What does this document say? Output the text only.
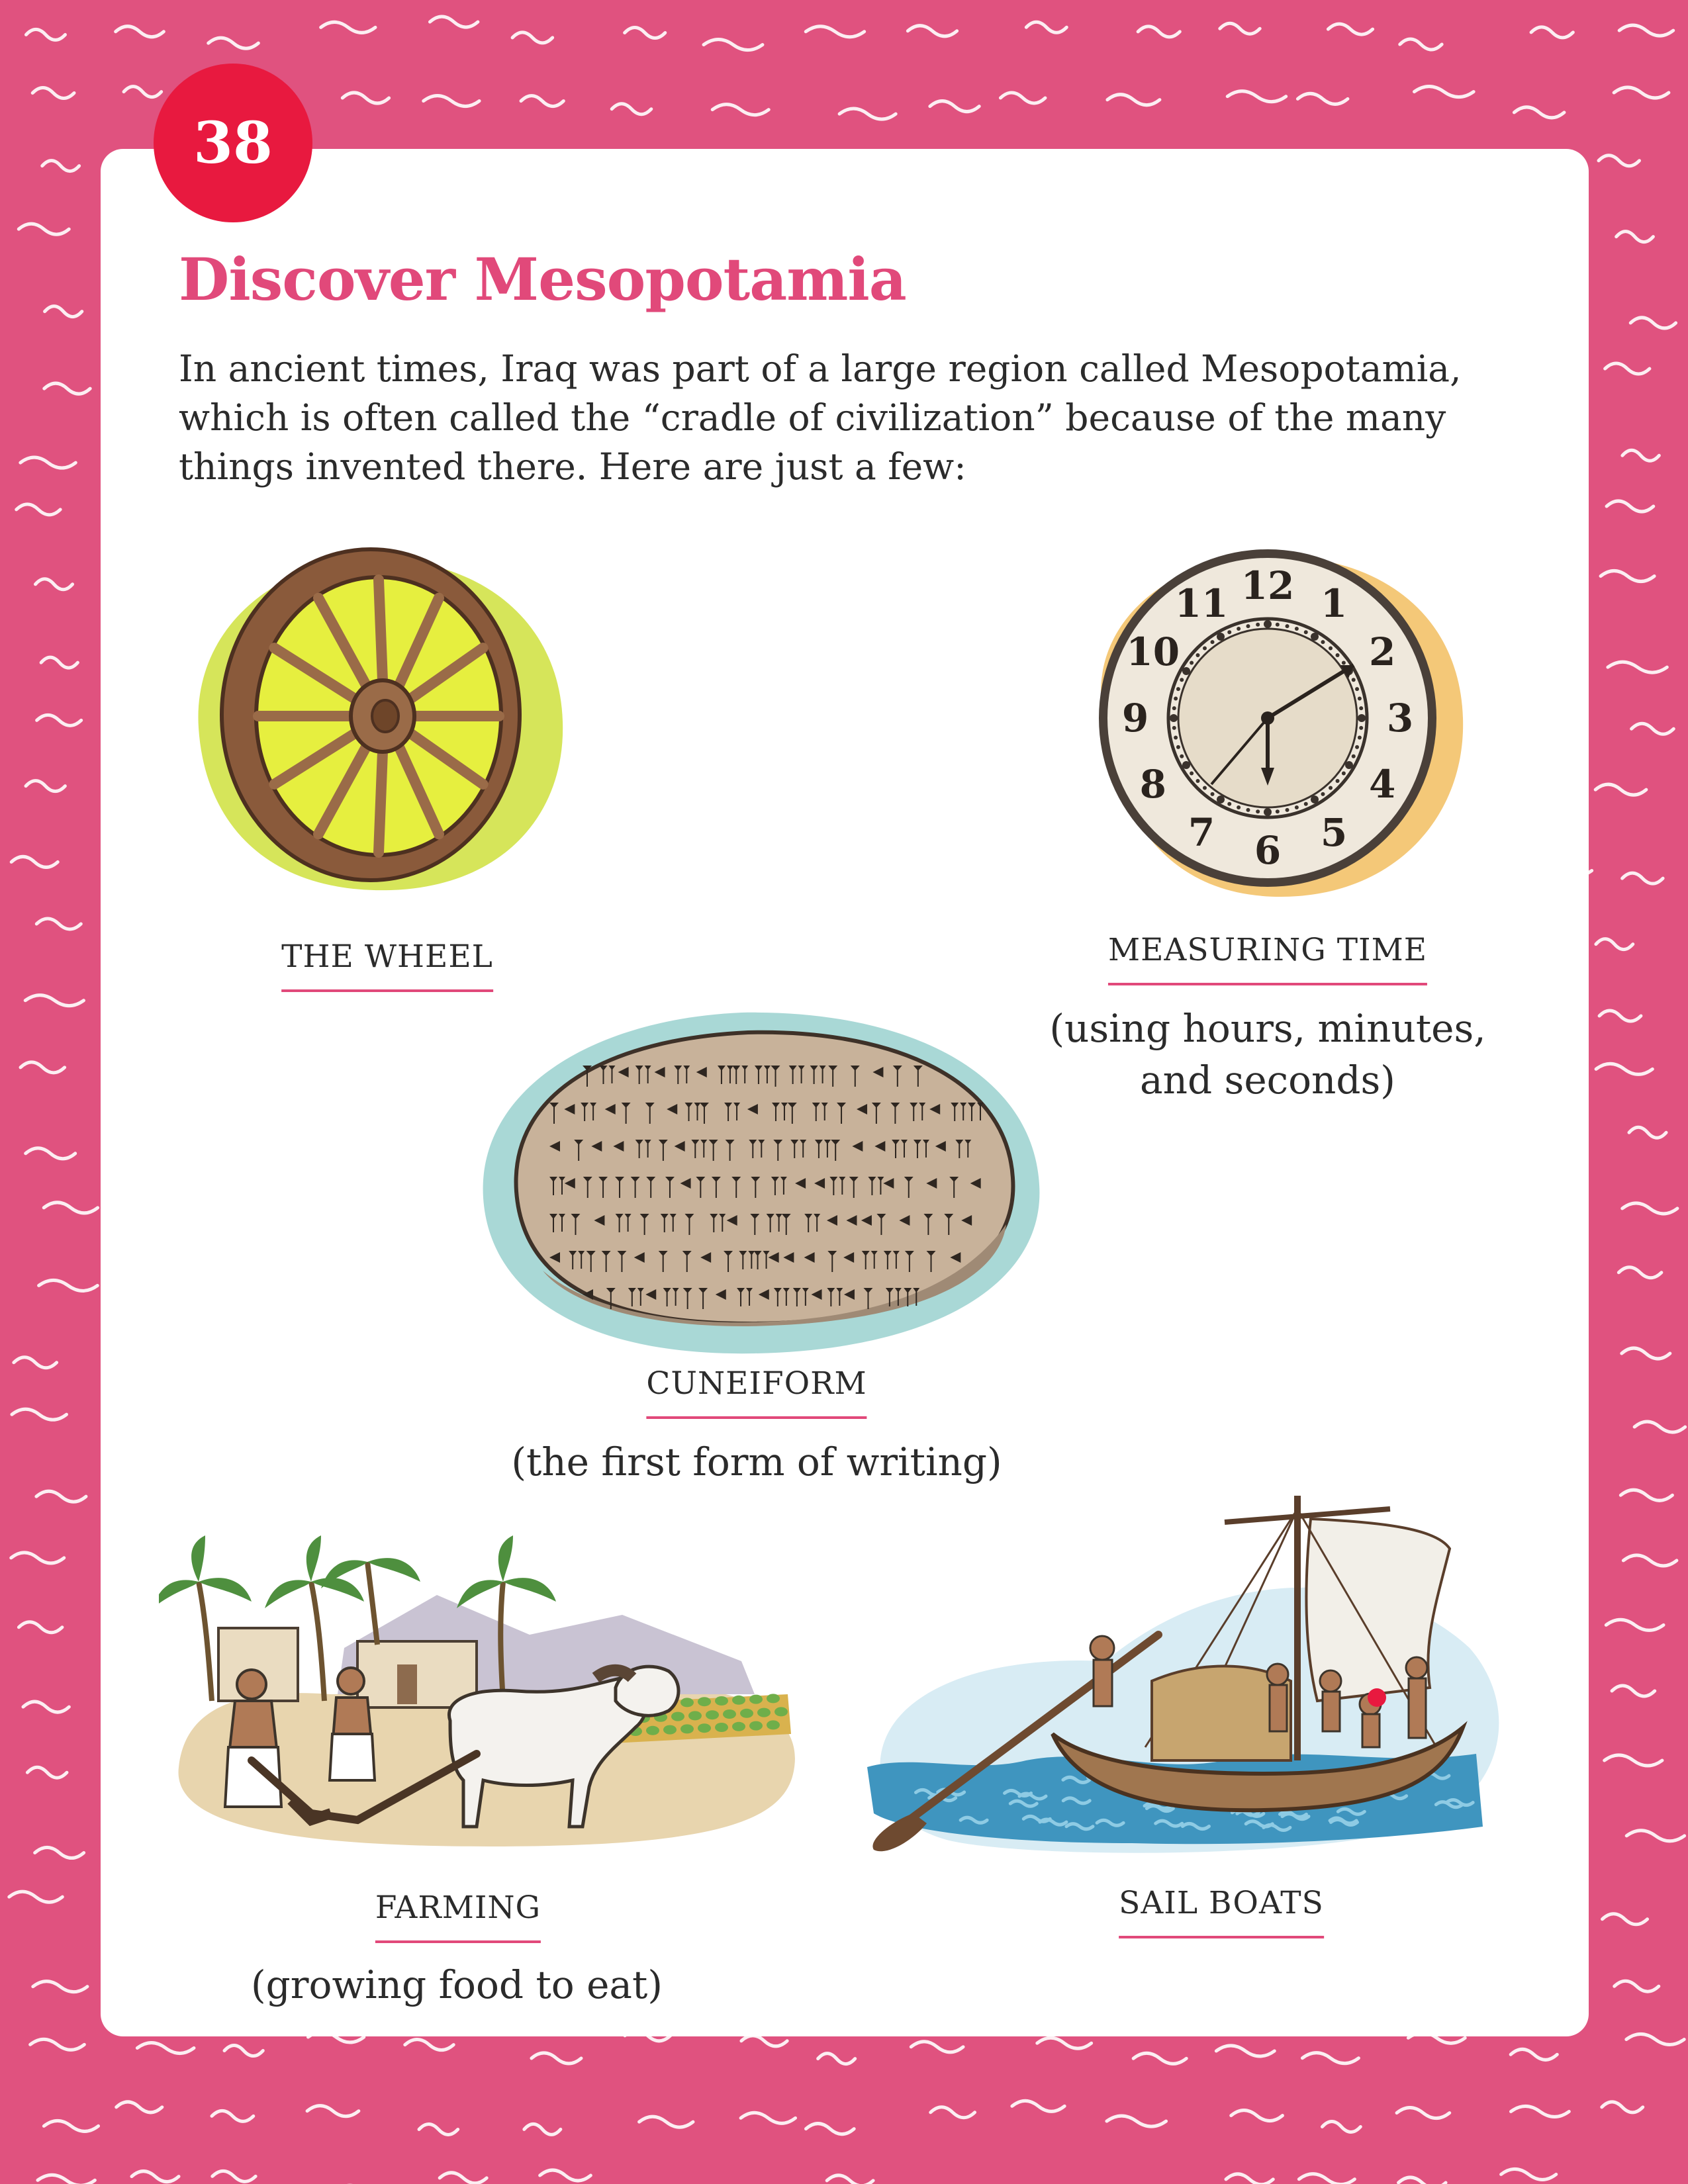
38
Discover Mesopotamia

In ancient times, Iraq was part of a large region called Mesopotamia,
which is often called the “cradle of civilization” because of the many
things invented there. Here are just a few:

THE WHEEL
12 1
2
3
4
5
6
7
8
9
10
11
MEASURING TIME
(using hours, minutes,
and seconds)
CUNEIFORM
(the first form of writing)
FARMING
(growing food to eat)
SAIL BOATS
